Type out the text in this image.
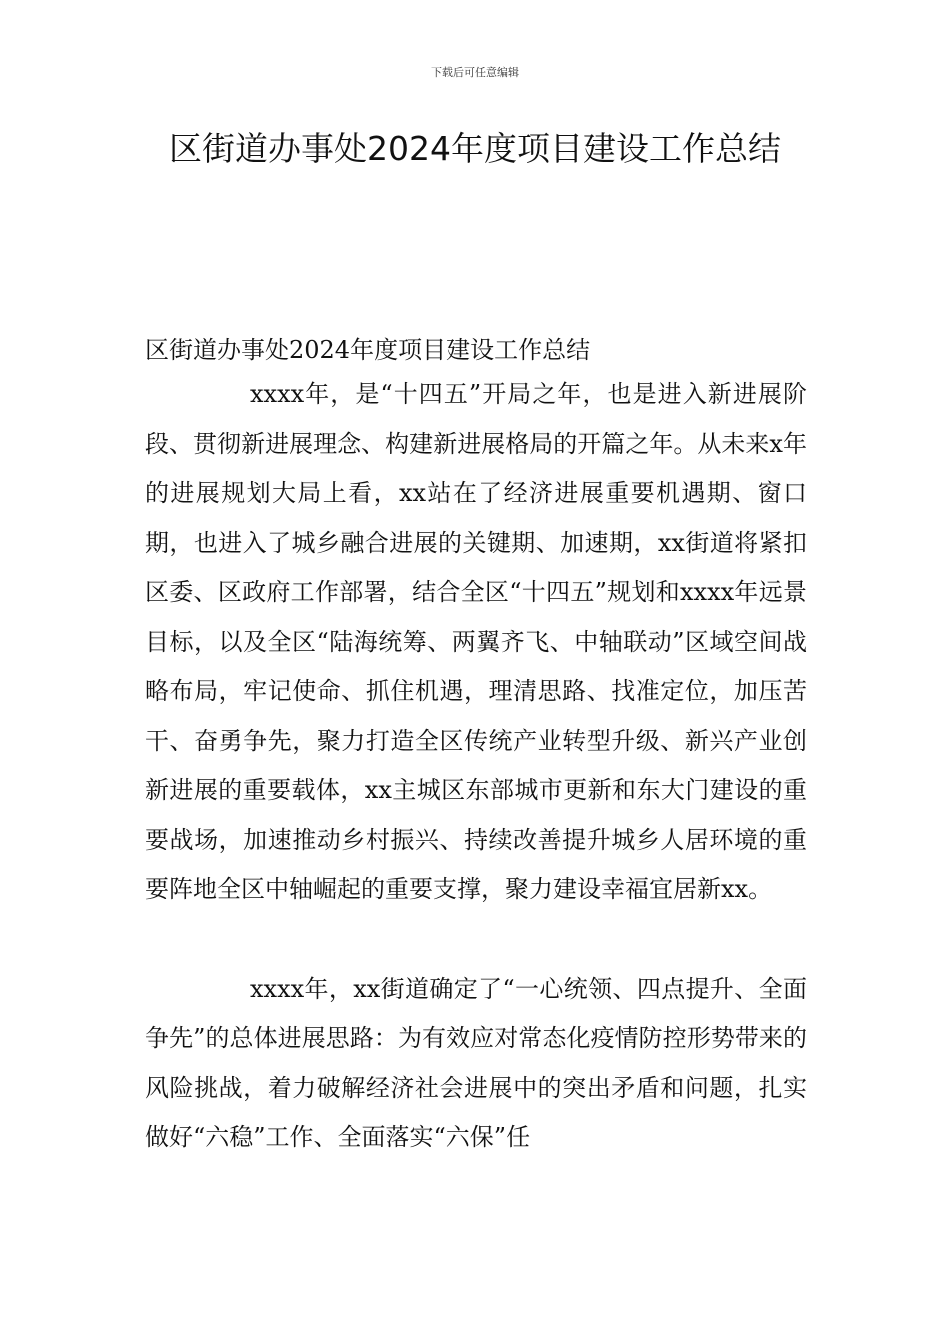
下载后可任意编辑
区街道办事处2024年度项目建设工作总结

区街道办事处2024年度项目建设工作总结

xxxx年，是“十四五”开局之年，也是进入新进展阶段、贯彻新进展理念、构建新进展格局的开篇之年。从未来x年的进展规划大局上看，xx站在了经济进展重要机遇期、窗口期，也进入了城乡融合进展的关键期、加速期，xx街道将紧扣区委、区政府工作部署，结合全区“十四五”规划和xxxx年远景目标，以及全区“陆海统筹、两翼齐飞、中轴联动”区域空间战略布局，牢记使命、抓住机遇，理清思路、找准定位，加压苦干、奋勇争先，聚力打造全区传统产业转型升级、新兴产业创新进展的重要载体，xx主城区东部城市更新和东大门建设的重要战场，加速推动乡村振兴、持续改善提升城乡人居环境的重要阵地全区中轴崛起的重要支撑，聚力建设幸福宜居新xx。

xxxx年，xx街道确定了“一心统领、四点提升、全面争先”的总体进展思路：为有效应对常态化疫情防控形势带来的风险挑战，着力破解经济社会进展中的突出矛盾和问题，扎实做好“六稳”工作、全面落实“六保”任
